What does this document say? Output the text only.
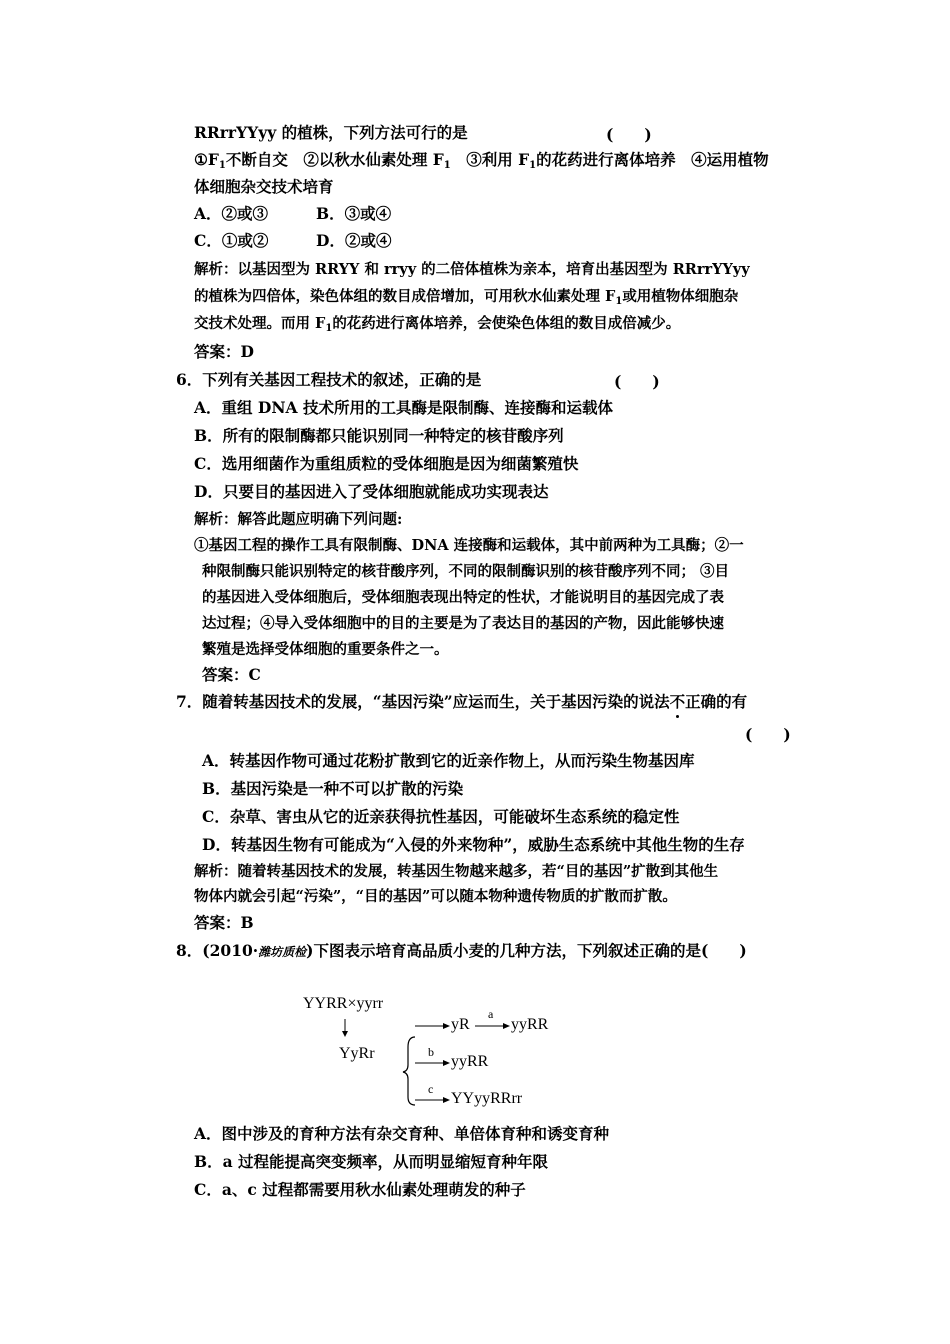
RRrrYYyy 的植株，下列方法可行的是	(　　)
$①F_1$不断自交　②以秋水仙素处理 $F_1$　③利用 $F_1$的花药进行离体培养　④运用植物
体细胞杂交技术培育
A．②或③	B．③或④
C．①或②	D．②或④
解析：以基因型为 RRYY 和 rryy 的二倍体植株为亲本，培育出基因型为 RRrrYYyy
的植株为四倍体，染色体组的数目成倍增加，可用秋水仙素处理 $F_1$或用植物体细胞杂
交技术处理。而用 $F_1$的花药进行离体培养，会使染色体组的数目成倍减少。
答案：D
6．下列有关基因工程技术的叙述，正确的是	(　　)
A．重组 DNA 技术所用的工具酶是限制酶、连接酶和运载体
B．所有的限制酶都只能识别同一种特定的核苷酸序列
C．选用细菌作为重组质粒的受体细胞是因为细菌繁殖快
D．只要目的基因进入了受体细胞就能成功实现表达
解析：解答此题应明确下列问题:
①基因工程的操作工具有限制酶、DNA 连接酶和运载体，其中前两种为工具酶；②一
种限制酶只能识别特定的核苷酸序列，不同的限制酶识别的核苷酸序列不同； ③目
的基因进入受体细胞后，受体细胞表现出特定的性状，才能说明目的基因完成了表
达过程；④导入受体细胞中的目的主要是为了表达目的基因的产物，因此能够快速
繁殖是选择受体细胞的重要条件之一。
答案：C
7．随着转基因技术的发展，“基因污染”应运而生，关于基因污染的说法不正确的有
(　　)
A．转基因作物可通过花粉扩散到它的近亲作物上，从而污染生物基因库
B．基因污染是一种不可以扩散的污染
C．杂草、害虫从它的近亲获得抗性基因，可能破坏生态系统的稳定性
D．转基因生物有可能成为“入侵的外来物种”，威胁生态系统中其他生物的生存
解析：随着转基因技术的发展，转基因生物越来越多，若“目的基因”扩散到其他生
物体内就会引起“污染”，“目的基因”可以随本物种遗传物质的扩散而扩散。
答案：B
8．(2010·潍坊质检)下图表示培育高品质小麦的几种方法，下列叙述正确的是(　　)
YYRR×yyrr
YyRr
yR	yyRR
yyRR
YYyyRRrr
a
b
c
A．图中涉及的育种方法有杂交育种、单倍体育种和诱变育种
B．a 过程能提高突变频率，从而明显缩短育种年限
C．a、c 过程都需要用秋水仙素处理萌发的种子
